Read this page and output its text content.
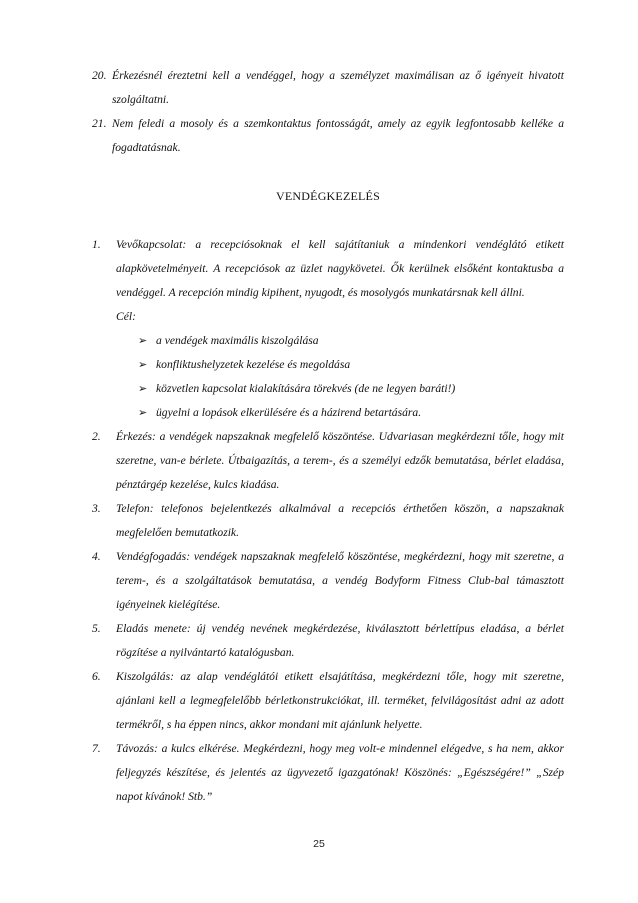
20. Érkezésnél éreztetni kell a vendéggel, hogy a személyzet maximálisan az ő igényeit hivatott szolgáltatni.
21. Nem feledi a mosoly és a szemkontaktus fontosságát, amely az egyik legfontosabb kelléke a fogadtatásnak.
VENDÉGKEZELÉS
1.	Vevőkapcsolat: a recepciósoknak el kell sajátítaniuk a mindenkori vendéglátó etikett alapkövetelményeit. A recepciósok az üzlet nagykövetei. Ők kerülnek elsőként kontaktusba a vendéggel. A recepción mindig kipihent, nyugodt, és mosolygós munkatársnak kell állni.
Cél:
➢ a vendégek maximális kiszolgálása
➢ konfliktushelyzetek kezelése és megoldása
➢ közvetlen kapcsolat kialakítására törekvés (de ne legyen baráti!)
➢ ügyelni a lopások elkerülésére és a házirend betartására.
2.	Érkezés: a vendégek napszaknak megfelelő köszöntése. Udvariasan megkérdezni tőle, hogy mit szeretne, van-e bérlete. Útbaigazítás, a terem-, és a személyi edzők bemutatása, bérlet eladása, pénztárgép kezelése, kulcs kiadása.
3.	Telefon: telefonos bejelentkezés alkalmával a recepciós érthetően köszön, a napszaknak megfelelően bemutatkozik.
4.	Vendégfogadás: vendégek napszaknak megfelelő köszöntése, megkérdezni, hogy mit szeretne, a terem-, és a szolgáltatások bemutatása, a vendég Bodyform Fitness Club-bal támasztott igényeinek kielégítése.
5.	Eladás menete: új vendég nevének megkérdezése, kiválasztott bérlettípus eladása, a bérlet rögzítése a nyilvántartó katalógusban.
6.	Kiszolgálás: az alap vendéglátói etikett elsajátítása, megkérdezni tőle, hogy mit szeretne, ajánlani kell a legmegfelelőbb bérletkonstrukciókat, ill. terméket, felvilágosítást adni az adott termékről, s ha éppen nincs, akkor mondani mit ajánlunk helyette.
7.	Távozás: a kulcs elkérése. Megkérdezni, hogy meg volt-e mindennel elégedve, s ha nem, akkor feljegyzés készítése, és jelentés az ügyvezető igazgatónak! Köszönés: „Egészségére!” „Szép napot kívánok! Stb.”
25
